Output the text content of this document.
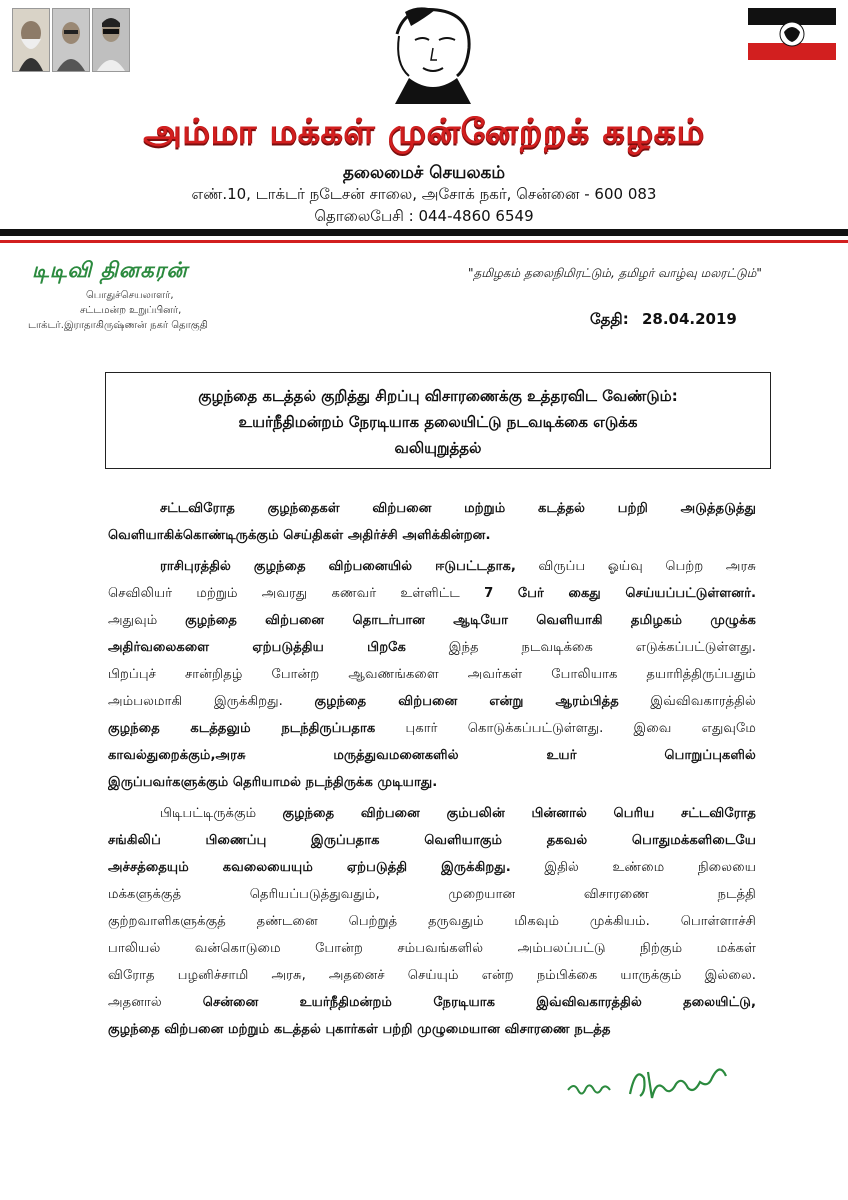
அம்மா மக்கள் முன்னேற்றக் கழகம்
தலைமைச் செயலகம்
எண்.10, டாக்டர் நடேசன் சாலை, அசோக் நகர், சென்னை - 600 083
தொலைபேசி : 044-4860 6549
டிடிவி தினகரன்
பொதுச்செயலாளர்,
சட்டமன்ற உறுப்பினர்,
டாக்டர்.இராதாகிருஷ்ணன் நகர் தொகுதி
"தமிழகம் தலைநிமிரட்டும், தமிழர் வாழ்வு மலரட்டும்"
தேதி: 28.04.2019
குழந்தை கடத்தல் குறித்து சிறப்பு விசாரணைக்கு உத்தரவிட வேண்டும்:
உயர்நீதிமன்றம் நேரடியாக தலையிட்டு நடவடிக்கை எடுக்க
வலியுறுத்தல்
சட்டவிரோத குழந்தைகள் விற்பனை மற்றும் கடத்தல் பற்றி அடுத்தடுத்து
வெளியாகிக்கொண்டிருக்கும் செய்திகள் அதிர்ச்சி அளிக்கின்றன.
ராசிபுரத்தில் குழந்தை விற்பனையில் ஈடுபட்டதாக, விருப்ப ஓய்வு பெற்ற அரசு
செவிலியர் மற்றும் அவரது கணவர் உள்ளிட்ட 7 பேர் கைது செய்யப்பட்டுள்ளனர்.
அதுவும் குழந்தை விற்பனை தொடர்பான ஆடியோ வெளியாகி தமிழகம் முழுக்க
அதிர்வலைகளை ஏற்படுத்திய பிறகே இந்த நடவடிக்கை எடுக்கப்பட்டுள்ளது.
பிறப்புச் சான்றிதழ் போன்ற ஆவணங்களை அவர்கள் போலியாக தயாரித்திருப்பதும்
அம்பலமாகி இருக்கிறது. குழந்தை விற்பனை என்று ஆரம்பித்த இவ்விவகாரத்தில்
குழந்தை கடத்தலும் நடந்திருப்பதாக புகார் கொடுக்கப்பட்டுள்ளது. இவை எதுவுமே
காவல்துறைக்கும்,அரசு மருத்துவமனைகளில் உயர் பொறுப்புகளில்
இருப்பவர்களுக்கும் தெரியாமல் நடந்திருக்க முடியாது.
பிடிபட்டிருக்கும் குழந்தை விற்பனை கும்பலின் பின்னால் பெரிய சட்டவிரோத
சங்கிலிப் பிணைப்பு இருப்பதாக வெளியாகும் தகவல் பொதுமக்களிடையே
அச்சத்தையும் கவலையையும் ஏற்படுத்தி இருக்கிறது. இதில் உண்மை நிலையை
மக்களுக்குத் தெரியப்படுத்துவதும், முறையான விசாரணை நடத்தி
குற்றவாளிகளுக்குத் தண்டனை பெற்றுத் தருவதும் மிகவும் முக்கியம். பொள்ளாச்சி
பாலியல் வன்கொடுமை போன்ற சம்பவங்களில் அம்பலப்பட்டு நிற்கும் மக்கள்
விரோத பழனிச்சாமி அரசு, அதனைச் செய்யும் என்ற நம்பிக்கை யாருக்கும் இல்லை.
அதனால் சென்னை உயர்நீதிமன்றம் நேரடியாக இவ்விவகாரத்தில் தலையிட்டு,
குழந்தை விற்பனை மற்றும் கடத்தல் புகார்கள் பற்றி முழுமையான விசாரணை நடத்த
